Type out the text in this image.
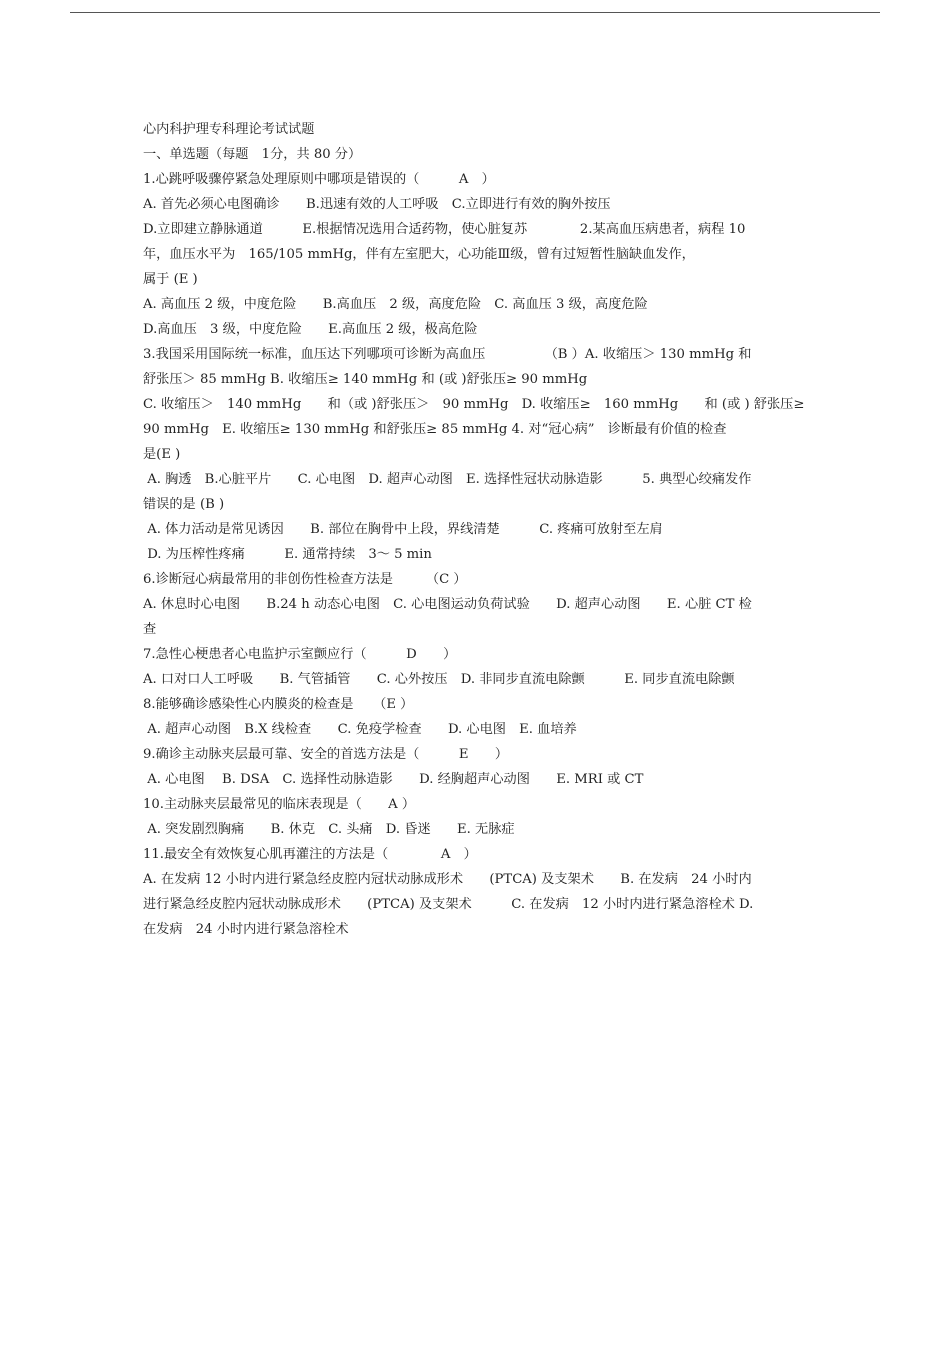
心内科护理专科理论考试试题
一、单选题（每题　1分，共 80 分）
1.心跳呼吸骤停紧急处理原则中哪项是错误的（　　　A　）
A. 首先必须心电图确诊　　B.迅速有效的人工呼吸　C.立即进行有效的胸外按压
D.立即建立静脉通道　　　E.根据情况选用合适药物，使心脏复苏　　　　2.某高血压病患者，病程 10
年，血压水平为　165/105 mmHg，伴有左室肥大，心功能Ⅲ级，曾有过短暂性脑缺血发作，
属于 (E )
A. 高血压 2 级，中度危险　　B.高血压　2 级，高度危险　C. 高血压 3 级，高度危险
D.高血压　3 级，中度危险　　E.高血压 2 级，极高危险
3.我国采用国际统一标准，血压达下列哪项可诊断为高血压　　　　　（B ）A. 收缩压＞ 130 mmHg 和
舒张压＞ 85 mmHg B. 收缩压≥ 140 mmHg 和 (或 )舒张压≥ 90 mmHg
C. 收缩压＞　140 mmHg　　和（或 )舒张压＞　90 mmHg　D. 收缩压≥　160 mmHg　　和 (或 ) 舒张压≥
90 mmHg　E. 收缩压≥ 130 mmHg 和舒张压≥ 85 mmHg 4. 对“冠心病”　诊断最有价值的检查
是(E )
A. 胸透　B.心脏平片　　C. 心电图　D. 超声心动图　E. 选择性冠状动脉造影　　　5. 典型心绞痛发作
错误的是 (B )
A. 体力活动是常见诱因　　B. 部位在胸骨中上段，界线清楚　　　C. 疼痛可放射至左肩
D. 为压榨性疼痛　　　E. 通常持续　3～ 5 min
6.诊断冠心病最常用的非创伤性检查方法是　　　（C ）
A. 休息时心电图　　B.24 h 动态心电图　C. 心电图运动负荷试验　　D. 超声心动图　　E. 心脏 CT 检
查
7.急性心梗患者心电监护示室颤应行（　　　D　　）
A. 口对口人工呼吸　　B. 气管插管　　C. 心外按压　D. 非同步直流电除颤　　　E. 同步直流电除颤
8.能够确诊感染性心内膜炎的检查是　　（E ）
A. 超声心动图　B.X 线检查　　C. 免疫学检查　　D. 心电图　E. 血培养
9.确诊主动脉夹层最可靠、安全的首选方法是（　　　E　　）
A. 心电图　 B. DSA　C. 选择性动脉造影　　D. 经胸超声心动图　　E. MRI 或 CT
10.主动脉夹层最常见的临床表现是（　　A ）
A. 突发剧烈胸痛　　B. 休克　C. 头痛　D. 昏迷　　E. 无脉症
11.最安全有效恢复心肌再灌注的方法是（　　　　A　）
A. 在发病 12 小时内进行紧急经皮腔内冠状动脉成形术　　(PTCA) 及支架术　　B. 在发病　24 小时内
进行紧急经皮腔内冠状动脉成形术　　(PTCA) 及支架术　　　C. 在发病　12 小时内进行紧急溶栓术 D.
在发病　24 小时内进行紧急溶栓术
